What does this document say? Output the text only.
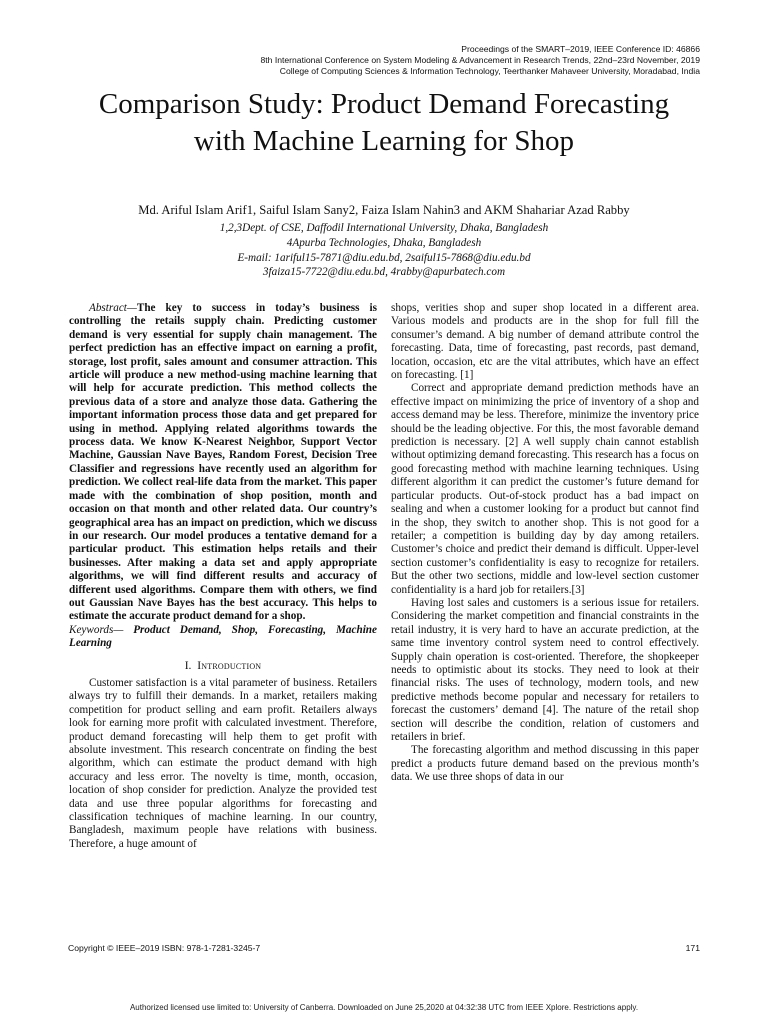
Proceedings of the SMART–2019, IEEE Conference ID: 46866
8th International Conference on System Modeling & Advancement in Research Trends, 22nd–23rd November, 2019
College of Computing Sciences & Information Technology, Teerthanker Mahaveer University, Moradabad, India
Comparison Study: Product Demand Forecasting
with Machine Learning for Shop
Md. Ariful Islam Arif1, Saiful Islam Sany2, Faiza Islam Nahin3 and AKM Shahariar Azad Rabby
1,2,3Dept. of CSE, Daffodil International University, Dhaka, Bangladesh
4Apurba Technologies, Dhaka, Bangladesh
E-mail: 1ariful15-7871@diu.edu.bd, 2saiful15-7868@diu.edu.bd
3faiza15-7722@diu.edu.bd, 4rabby@apurbatech.com

Abstract—The key to success in today’s business is controlling the retails supply chain. Predicting customer demand is very essential for supply chain management. The perfect prediction has an effective impact on earning a profit, storage, lost profit, sales amount and consumer attraction. This article will produce a new method-using machine learning that will help for accurate prediction. This method collects the previous data of a store and analyze those data. Gathering the important information process those data and get prepared for using in method. Applying related algorithms towards the process data. We know K-Nearest Neighbor, Support Vector Machine, Gaussian Nave Bayes, Random Forest, Decision Tree Classifier and regressions have recently used an algorithm for prediction. We collect real-life data from the market. This paper made with the combination of shop position, month and occasion on that month and other related data. Our country’s geographical area has an impact on prediction, which we discuss in our research. Our model produces a tentative demand for a particular product. This estimation helps retails and their businesses. After making a data set and apply appropriate algorithms, we will find different results and accuracy of different used algorithms. Compare them with others, we find out Gaussian Nave Bayes has the best accuracy. This helps to estimate the accurate product demand for a shop.

Keywords— Product Demand, Shop, Forecasting, Machine Learning

I. Introduction

Customer satisfaction is a vital parameter of business. Retailers always try to fulfill their demands. In a market, retailers making competition for product selling and earn profit. Retailers always look for earning more profit with calculated investment. Therefore, product demand forecasting will help them to get profit with absolute investment. This research concentrate on finding the best algorithm, which can estimate the product demand with high accuracy and less error. The novelty is time, month, occasion, location of shop consider for prediction. Analyze the provided test data and use three popular algorithms for forecasting and classification techniques of machine learning. In our country, Bangladesh, maximum people have relations with business. Therefore, a huge amount of

shops, verities shop and super shop located in a different area. Various models and products are in the shop for full fill the consumer’s demand. A big number of demand attribute control the forecasting. Data, time of forecasting, past records, past demand, location, occasion, etc are the vital attributes, which have an effect on forecasting. [1]

Correct and appropriate demand prediction methods have an effective impact on minimizing the price of inventory of a shop and access demand may be less. Therefore, minimize the inventory price should be the leading objective. For this, the most favorable demand prediction is necessary. [2] A well supply chain cannot establish without optimizing demand forecasting. This research has a focus on good forecasting method with machine learning techniques. Using different algorithm it can predict the customer’s future demand for particular products. Out-of-stock product has a bad impact on sealing and when a customer looking for a product but cannot find in the shop, they switch to another shop. This is not good for a retailer; a competition is building day by day among retailers. Customer’s choice and predict their demand is difficult. Upper-level section customer’s confidentiality is easy to recognize for retailers. But the other two sections, middle and low-level section customer confidentiality is a hard job for retailers.[3]

Having lost sales and customers is a serious issue for retailers. Considering the market competition and financial constraints in the retail industry, it is very hard to have an accurate prediction, at the same time inventory control system need to control effectively. Supply chain operation is cost-oriented. Therefore, the shopkeeper needs to optimistic about its stocks. They need to look at their financial risks. The uses of technology, modern tools, and new predictive methods become popular and necessary for retailers to forecast the customers’ demand [4]. The nature of the retail shop section will describe the condition, relation of customers and retailers in brief.

The forecasting algorithm and method discussing in this paper predict a products future demand based on the previous month’s data. We use three shops of data in our

Copyright © IEEE–2019 ISBN: 978-1-7281-3245-7	171
Authorized licensed use limited to: University of Canberra. Downloaded on June 25,2020 at 04:32:38 UTC from IEEE Xplore. Restrictions apply.
